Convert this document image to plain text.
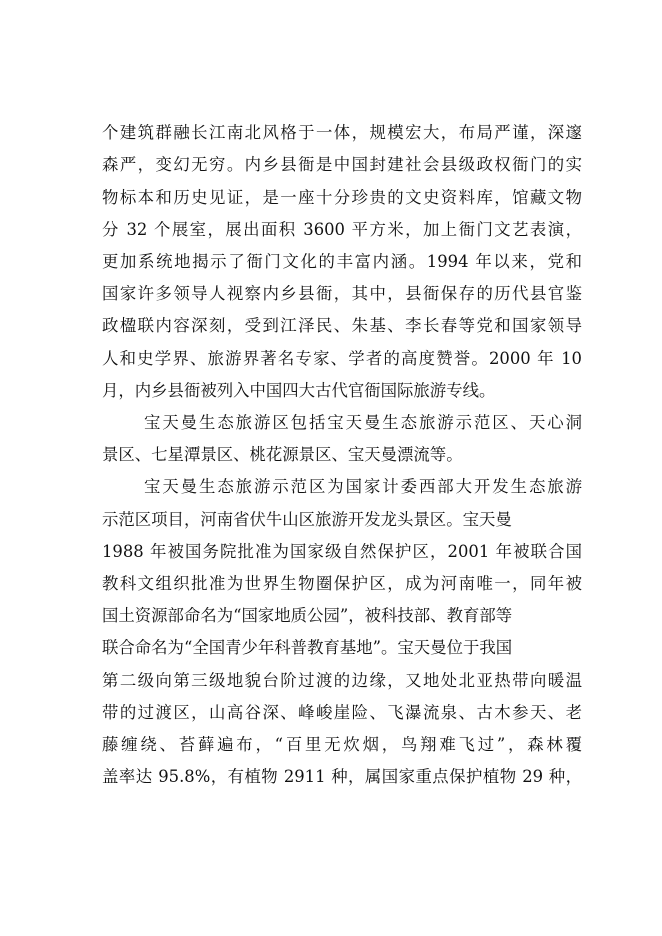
个建筑群融长江南北风格于一体，规模宏大，布局严谨，深邃

森严，变幻无穷。内乡县衙是中国封建社会县级政权衙门的实

物标本和历史见证，是一座十分珍贵的文史资料库，馆藏文物

分 32 个展室，展出面积 3600 平方米，加上衙门文艺表演，

更加系统地揭示了衙门文化的丰富内涵。1994 年以来，党和

国家许多领导人视察内乡县衙，其中，县衙保存的历代县官鉴

政楹联内容深刻，受到江泽民、朱基、李长春等党和国家领导

人和史学界、旅游界著名专家、学者的高度赞誉。2000 年 10

月，内乡县衙被列入中国四大古代官衙国际旅游专线。

宝天曼生态旅游区包括宝天曼生态旅游示范区、天心洞

景区、七星潭景区、桃花源景区、宝天曼漂流等。

宝天曼生态旅游示范区为国家计委西部大开发生态旅游

示范区项目，河南省伏牛山区旅游开发龙头景区。宝天曼

1988 年被国务院批准为国家级自然保护区，2001 年被联合国

教科文组织批准为世界生物圈保护区，成为河南唯一，同年被

国土资源部命名为“国家地质公园”，被科技部、教育部等

联合命名为“全国青少年科普教育基地”。宝天曼位于我国

第二级向第三级地貌台阶过渡的边缘，又地处北亚热带向暖温

带的过渡区，山高谷深、峰峻崖险、飞瀑流泉、古木参天、老

藤缠绕、苔藓遍布，“百里无炊烟，鸟翔难飞过”，森林覆

盖率达 95.8%，有植物 2911 种，属国家重点保护植物 29 种，
